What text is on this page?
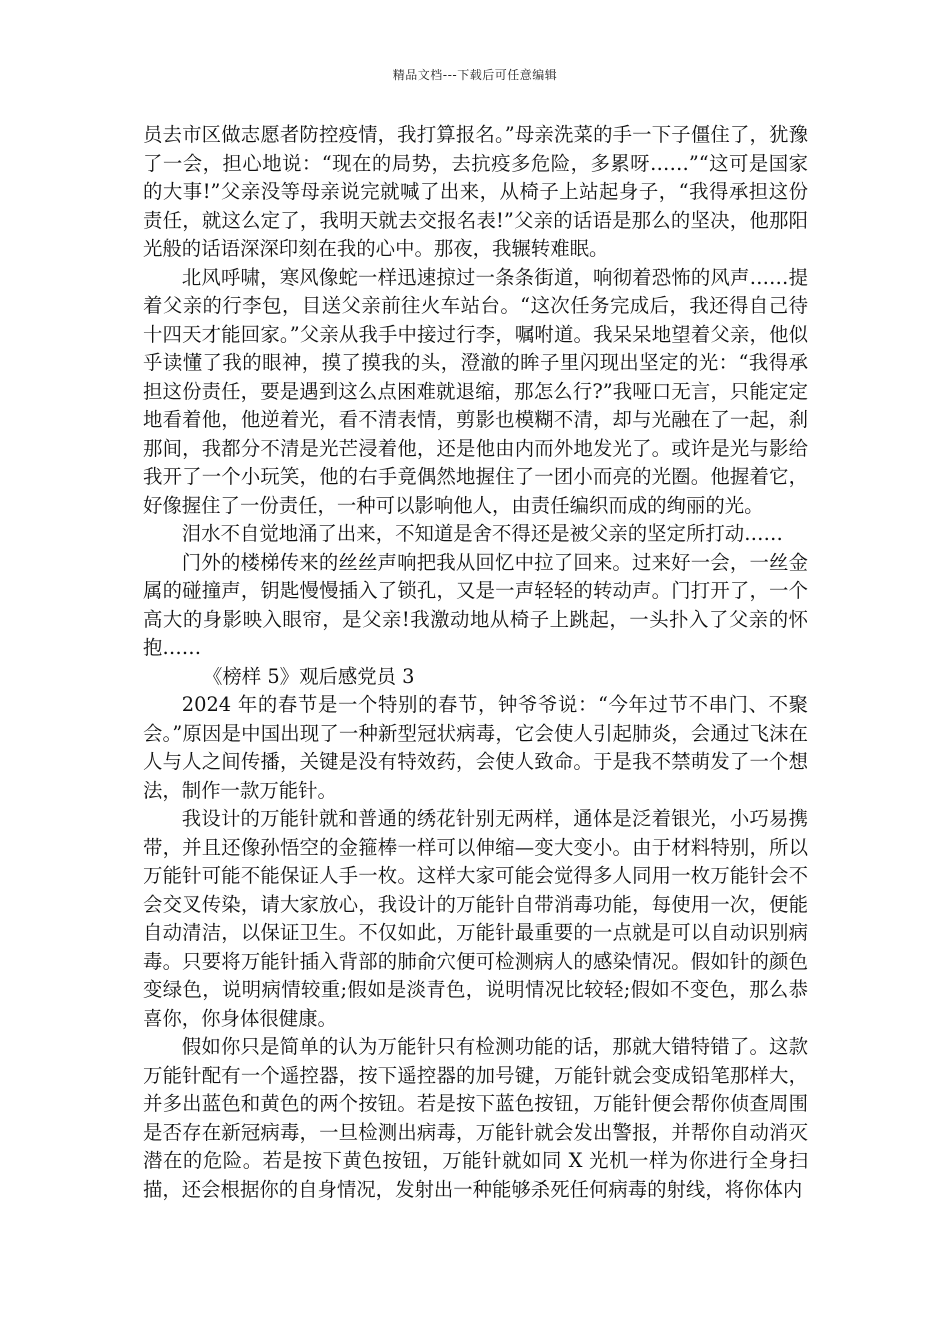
精品文档---下载后可任意编辑

员去市区做志愿者防控疫情，我打算报名。”母亲洗菜的手一下子僵住了，犹豫了一会，担心地说：“现在的局势，去抗疫多危险，多累呀……”“这可是国家的大事!”父亲没等母亲说完就喊了出来，从椅子上站起身子，“我得承担这份责任，就这么定了，我明天就去交报名表!”父亲的话语是那么的坚决，他那阳光般的话语深深印刻在我的心中。那夜，我辗转难眠。

北风呼啸，寒风像蛇一样迅速掠过一条条街道，响彻着恐怖的风声……提着父亲的行李包，目送父亲前往火车站台。“这次任务完成后，我还得自己待十四天才能回家。”父亲从我手中接过行李，嘱咐道。我呆呆地望着父亲，他似乎读懂了我的眼神，摸了摸我的头，澄澈的眸子里闪现出坚定的光：“我得承担这份责任，要是遇到这么点困难就退缩，那怎么行?”我哑口无言，只能定定地看着他，他逆着光，看不清表情，剪影也模糊不清，却与光融在了一起，刹那间，我都分不清是光芒浸着他，还是他由内而外地发光了。或许是光与影给我开了一个小玩笑，他的右手竟偶然地握住了一团小而亮的光圈。他握着它，好像握住了一份责任，一种可以影响他人，由责任编织而成的绚丽的光。

泪水不自觉地涌了出来，不知道是舍不得还是被父亲的坚定所打动……

门外的楼梯传来的丝丝声响把我从回忆中拉了回来。过来好一会，一丝金属的碰撞声，钥匙慢慢插入了锁孔，又是一声轻轻的转动声。门打开了，一个高大的身影映入眼帘，是父亲!我激动地从椅子上跳起，一头扑入了父亲的怀抱……

《榜样 5》观后感党员 3

2024 年的春节是一个特别的春节，钟爷爷说：“今年过节不串门、不聚会。”原因是中国出现了一种新型冠状病毒，它会使人引起肺炎，会通过飞沫在人与人之间传播，关键是没有特效药，会使人致命。于是我不禁萌发了一个想法，制作一款万能针。

我设计的万能针就和普通的绣花针别无两样，通体是泛着银光，小巧易携带，并且还像孙悟空的金箍棒一样可以伸缩—变大变小。由于材料特别，所以万能针可能不能保证人手一枚。这样大家可能会觉得多人同用一枚万能针会不会交叉传染，请大家放心，我设计的万能针自带消毒功能，每使用一次，便能自动清洁，以保证卫生。不仅如此，万能针最重要的一点就是可以自动识别病毒。只要将万能针插入背部的肺俞穴便可检测病人的感染情况。假如针的颜色变绿色，说明病情较重;假如是淡青色，说明情况比较轻;假如不变色，那么恭喜你，你身体很健康。

假如你只是简单的认为万能针只有检测功能的话，那就大错特错了。这款万能针配有一个遥控器，按下遥控器的加号键，万能针就会变成铅笔那样大，并多出蓝色和黄色的两个按钮。若是按下蓝色按钮，万能针便会帮你侦查周围是否存在新冠病毒，一旦检测出病毒，万能针就会发出警报，并帮你自动消灭潜在的危险。若是按下黄色按钮，万能针就如同 X 光机一样为你进行全身扫描，还会根据你的自身情况，发射出一种能够杀死任何病毒的射线，将你体内
